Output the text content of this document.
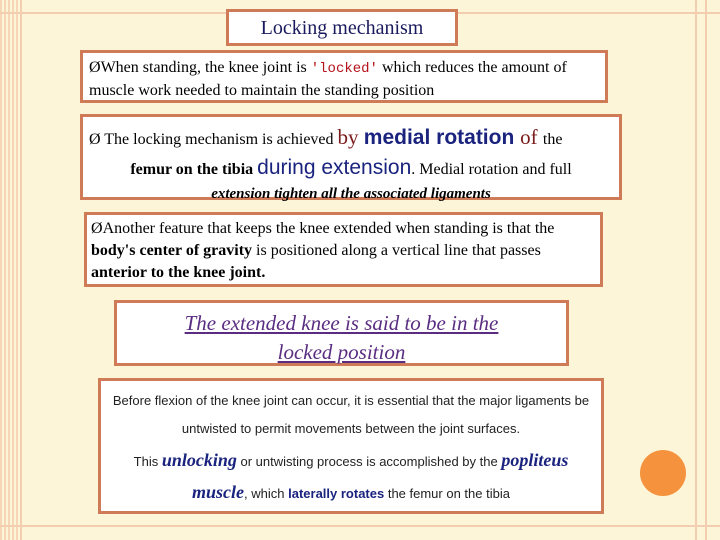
Locking mechanism
ØWhen standing, the knee joint is 'locked' which reduces the amount of muscle work needed to maintain the standing position
Ø The locking mechanism is achieved by medial rotation of the
femur on the tibia during extension. Medial rotation and full
extension tighten all the associated ligaments
ØAnother feature that keeps the knee extended when standing is that the body's center of gravity is positioned along a vertical line that passes anterior to the knee joint.
The extended knee is said to be in the
locked position
Before flexion of the knee joint can occur, it is essential that the major ligaments be
untwisted to permit movements between the joint surfaces.
This unlocking or untwisting process is accomplished by the popliteus
muscle, which laterally rotates the femur on the tibia
